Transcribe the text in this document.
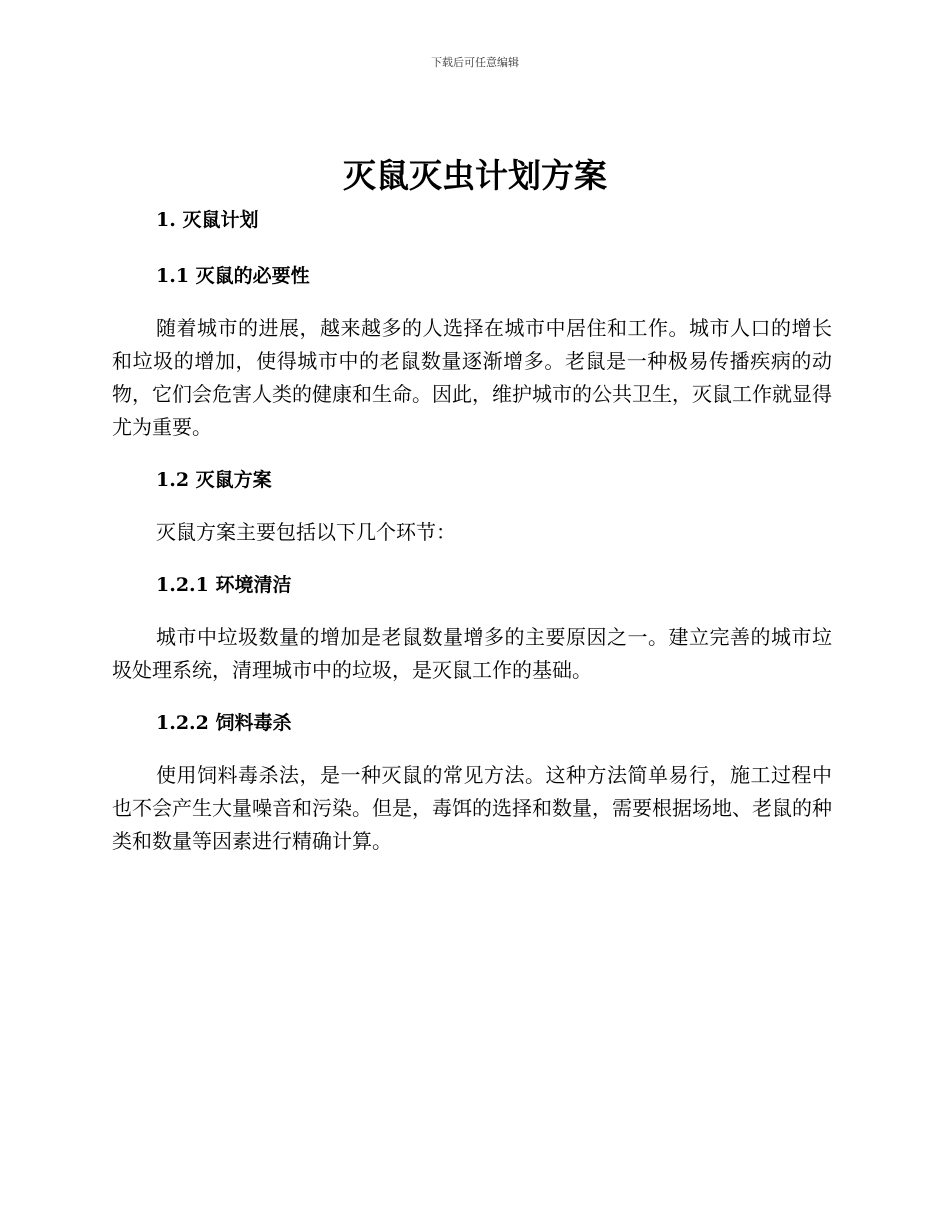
下载后可任意编辑
灭鼠灭虫计划方案

1. 灭鼠计划

1.1 灭鼠的必要性

随着城市的进展，越来越多的人选择在城市中居住和工作。城市人口的增长和垃圾的增加，使得城市中的老鼠数量逐渐增多。老鼠是一种极易传播疾病的动物，它们会危害人类的健康和生命。因此，维护城市的公共卫生，灭鼠工作就显得尤为重要。

1.2 灭鼠方案

灭鼠方案主要包括以下几个环节：

1.2.1 环境清洁

城市中垃圾数量的增加是老鼠数量增多的主要原因之一。建立完善的城市垃圾处理系统，清理城市中的垃圾，是灭鼠工作的基础。

1.2.2 饲料毒杀

使用饲料毒杀法，是一种灭鼠的常见方法。这种方法简单易行，施工过程中也不会产生大量噪音和污染。但是，毒饵的选择和数量，需要根据场地、老鼠的种类和数量等因素进行精确计算。
